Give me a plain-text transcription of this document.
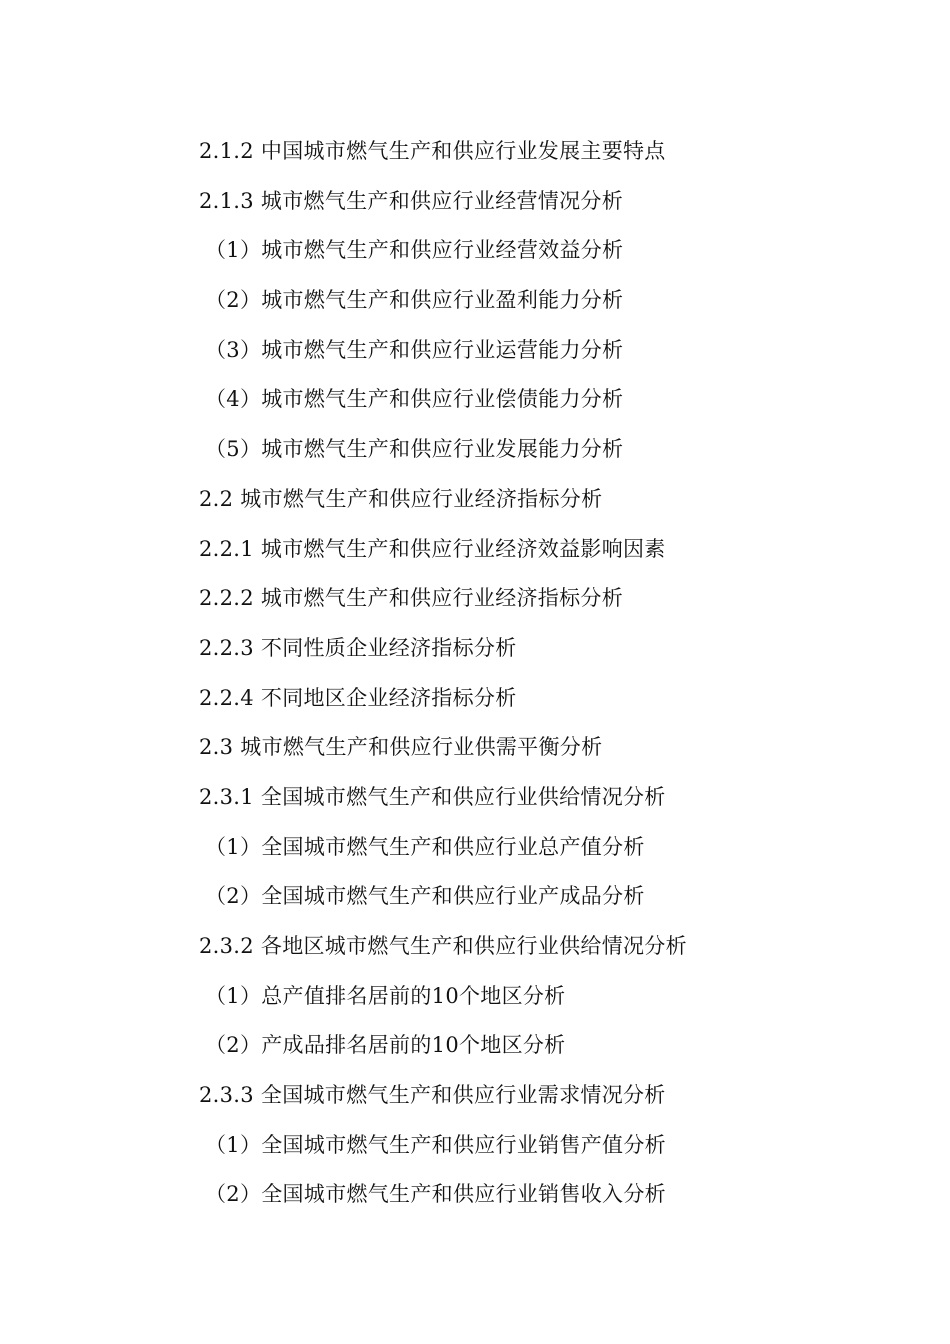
2.1.2 中国城市燃气生产和供应行业发展主要特点
2.1.3 城市燃气生产和供应行业经营情况分析
（1）城市燃气生产和供应行业经营效益分析
（2）城市燃气生产和供应行业盈利能力分析
（3）城市燃气生产和供应行业运营能力分析
（4）城市燃气生产和供应行业偿债能力分析
（5）城市燃气生产和供应行业发展能力分析
2.2 城市燃气生产和供应行业经济指标分析
2.2.1 城市燃气生产和供应行业经济效益影响因素
2.2.2 城市燃气生产和供应行业经济指标分析
2.2.3 不同性质企业经济指标分析
2.2.4 不同地区企业经济指标分析
2.3 城市燃气生产和供应行业供需平衡分析
2.3.1 全国城市燃气生产和供应行业供给情况分析
（1）全国城市燃气生产和供应行业总产值分析
（2）全国城市燃气生产和供应行业产成品分析
2.3.2 各地区城市燃气生产和供应行业供给情况分析
（1）总产值排名居前的10个地区分析
（2）产成品排名居前的10个地区分析
2.3.3 全国城市燃气生产和供应行业需求情况分析
（1）全国城市燃气生产和供应行业销售产值分析
（2）全国城市燃气生产和供应行业销售收入分析
